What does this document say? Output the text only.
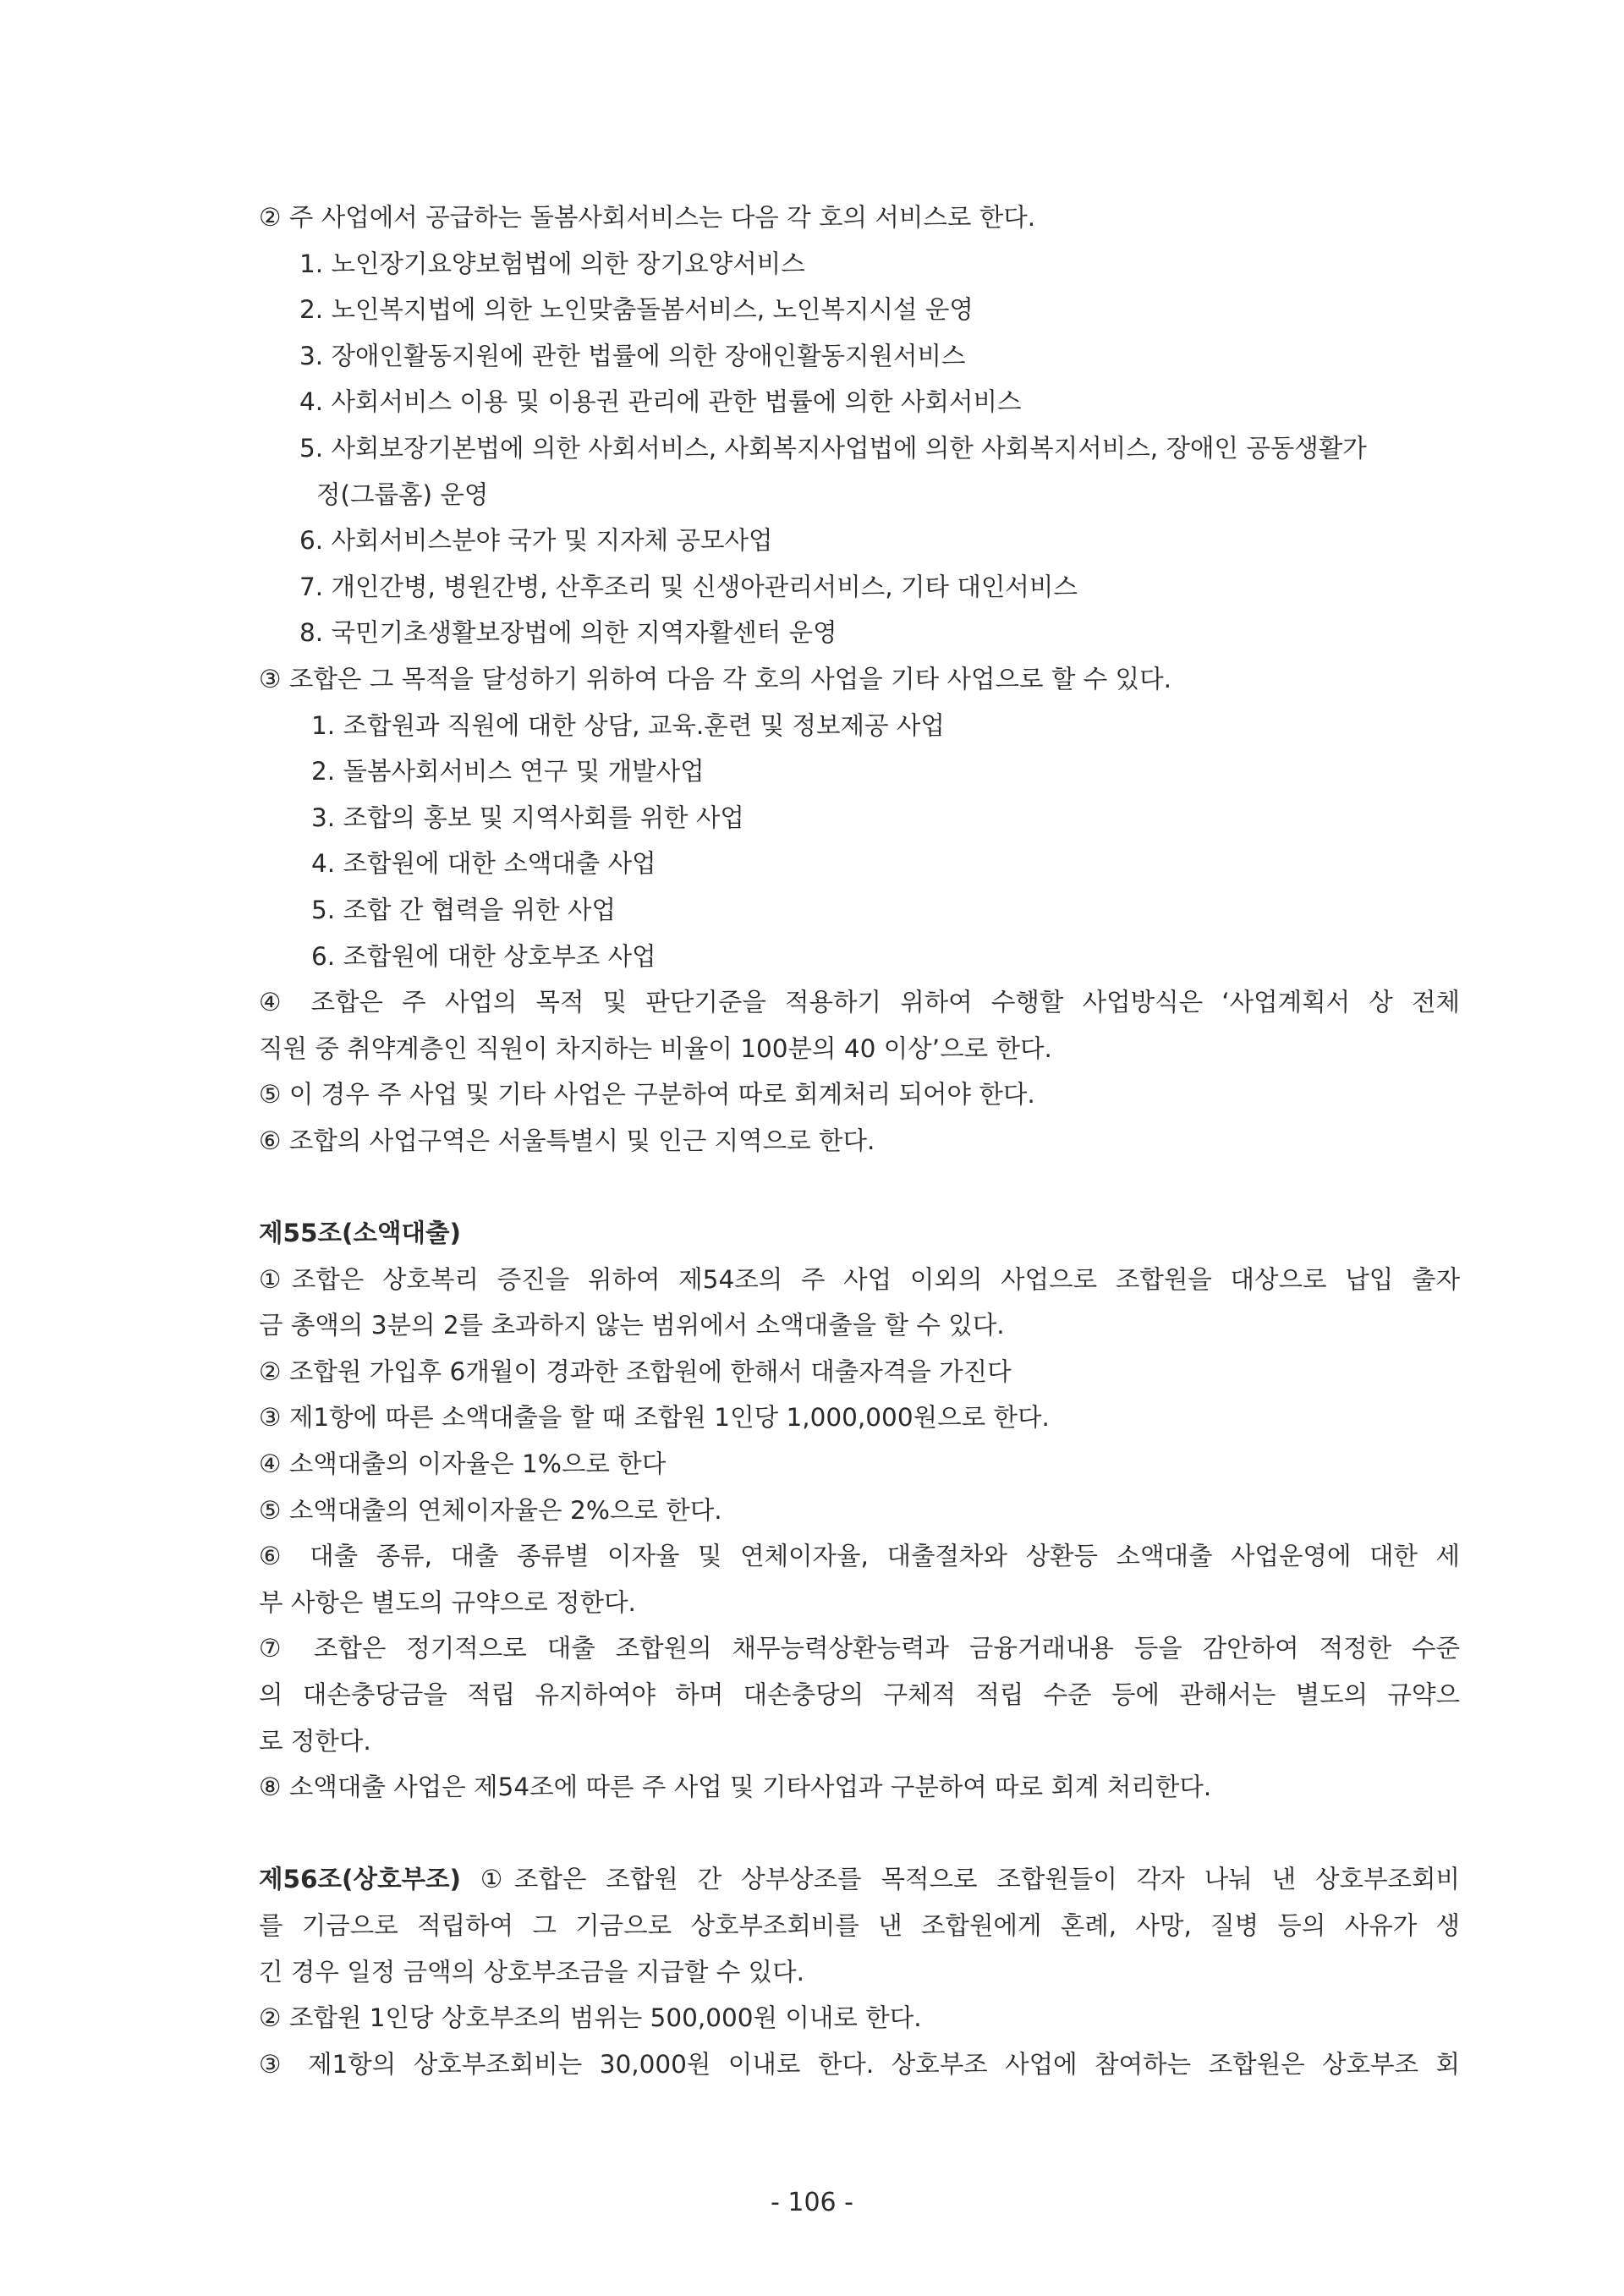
② 주 사업에서 공급하는 돌봄사회서비스는 다음 각 호의 서비스로 한다.
1. 노인장기요양보험법에 의한 장기요양서비스
2. 노인복지법에 의한 노인맞춤돌봄서비스, 노인복지시설 운영
3. 장애인활동지원에 관한 법률에 의한 장애인활동지원서비스
4. 사회서비스 이용 및 이용권 관리에 관한 법률에 의한 사회서비스
5. 사회보장기본법에 의한 사회서비스, 사회복지사업법에 의한 사회복지서비스, 장애인 공동생활가
정(그룹홈) 운영
6. 사회서비스분야 국가 및 지자체 공모사업
7. 개인간병, 병원간병, 산후조리 및 신생아관리서비스, 기타 대인서비스
8. 국민기초생활보장법에 의한 지역자활센터 운영
③ 조합은 그 목적을 달성하기 위하여 다음 각 호의 사업을 기타 사업으로 할 수 있다.
1. 조합원과 직원에 대한 상담, 교육.훈련 및 정보제공 사업
2. 돌봄사회서비스 연구 및 개발사업
3. 조합의 홍보 및 지역사회를 위한 사업
4. 조합원에 대한 소액대출 사업
5. 조합 간 협력을 위한 사업
6. 조합원에 대한 상호부조 사업
④ 조합은 주 사업의 목적 및 판단기준을 적용하기 위하여 수행할 사업방식은 ‘사업계획서 상 전체
직원 중 취약계층인 직원이 차지하는 비율이 100분의 40 이상’으로 한다.
⑤ 이 경우 주 사업 및 기타 사업은 구분하여 따로 회계처리 되어야 한다.
⑥ 조합의 사업구역은 서울특별시 및 인근 지역으로 한다.
제55조(소액대출)
①조합은 상호복리 증진을 위하여 제54조의 주 사업 이외의 사업으로 조합원을 대상으로 납입 출자
금 총액의 3분의 2를 초과하지 않는 범위에서 소액대출을 할 수 있다.
② 조합원 가입후 6개월이 경과한 조합원에 한해서 대출자격을 가진다
③ 제1항에 따른 소액대출을 할 때 조합원 1인당 1,000,000원으로 한다.
④ 소액대출의 이자율은 1%으로 한다
⑤ 소액대출의 연체이자율은 2%으로 한다.
⑥ 대출 종류, 대출 종류별 이자율 및 연체이자율, 대출절차와 상환등 소액대출 사업운영에 대한 세
부 사항은 별도의 규약으로 정한다.
⑦ 조합은 정기적으로 대출 조합원의 채무능력상환능력과 금융거래내용 등을 감안하여 적정한 수준
의 대손충당금을 적립 유지하여야 하며 대손충당의 구체적 적립 수준 등에 관해서는 별도의 규약으
로 정한다.
⑧ 소액대출 사업은 제54조에 따른 주 사업 및 기타사업과 구분하여 따로 회계 처리한다.
제56조(상호부조) ①조합은 조합원 간 상부상조를 목적으로 조합원들이 각자 나눠 낸 상호부조회비
를 기금으로 적립하여 그 기금으로 상호부조회비를 낸 조합원에게 혼례, 사망, 질병 등의 사유가 생
긴 경우 일정 금액의 상호부조금을 지급할 수 있다.
② 조합원 1인당 상호부조의 범위는 500,000원 이내로 한다.
③ 제1항의 상호부조회비는 30,000원 이내로 한다. 상호부조 사업에 참여하는 조합원은 상호부조 회
- 106 -
